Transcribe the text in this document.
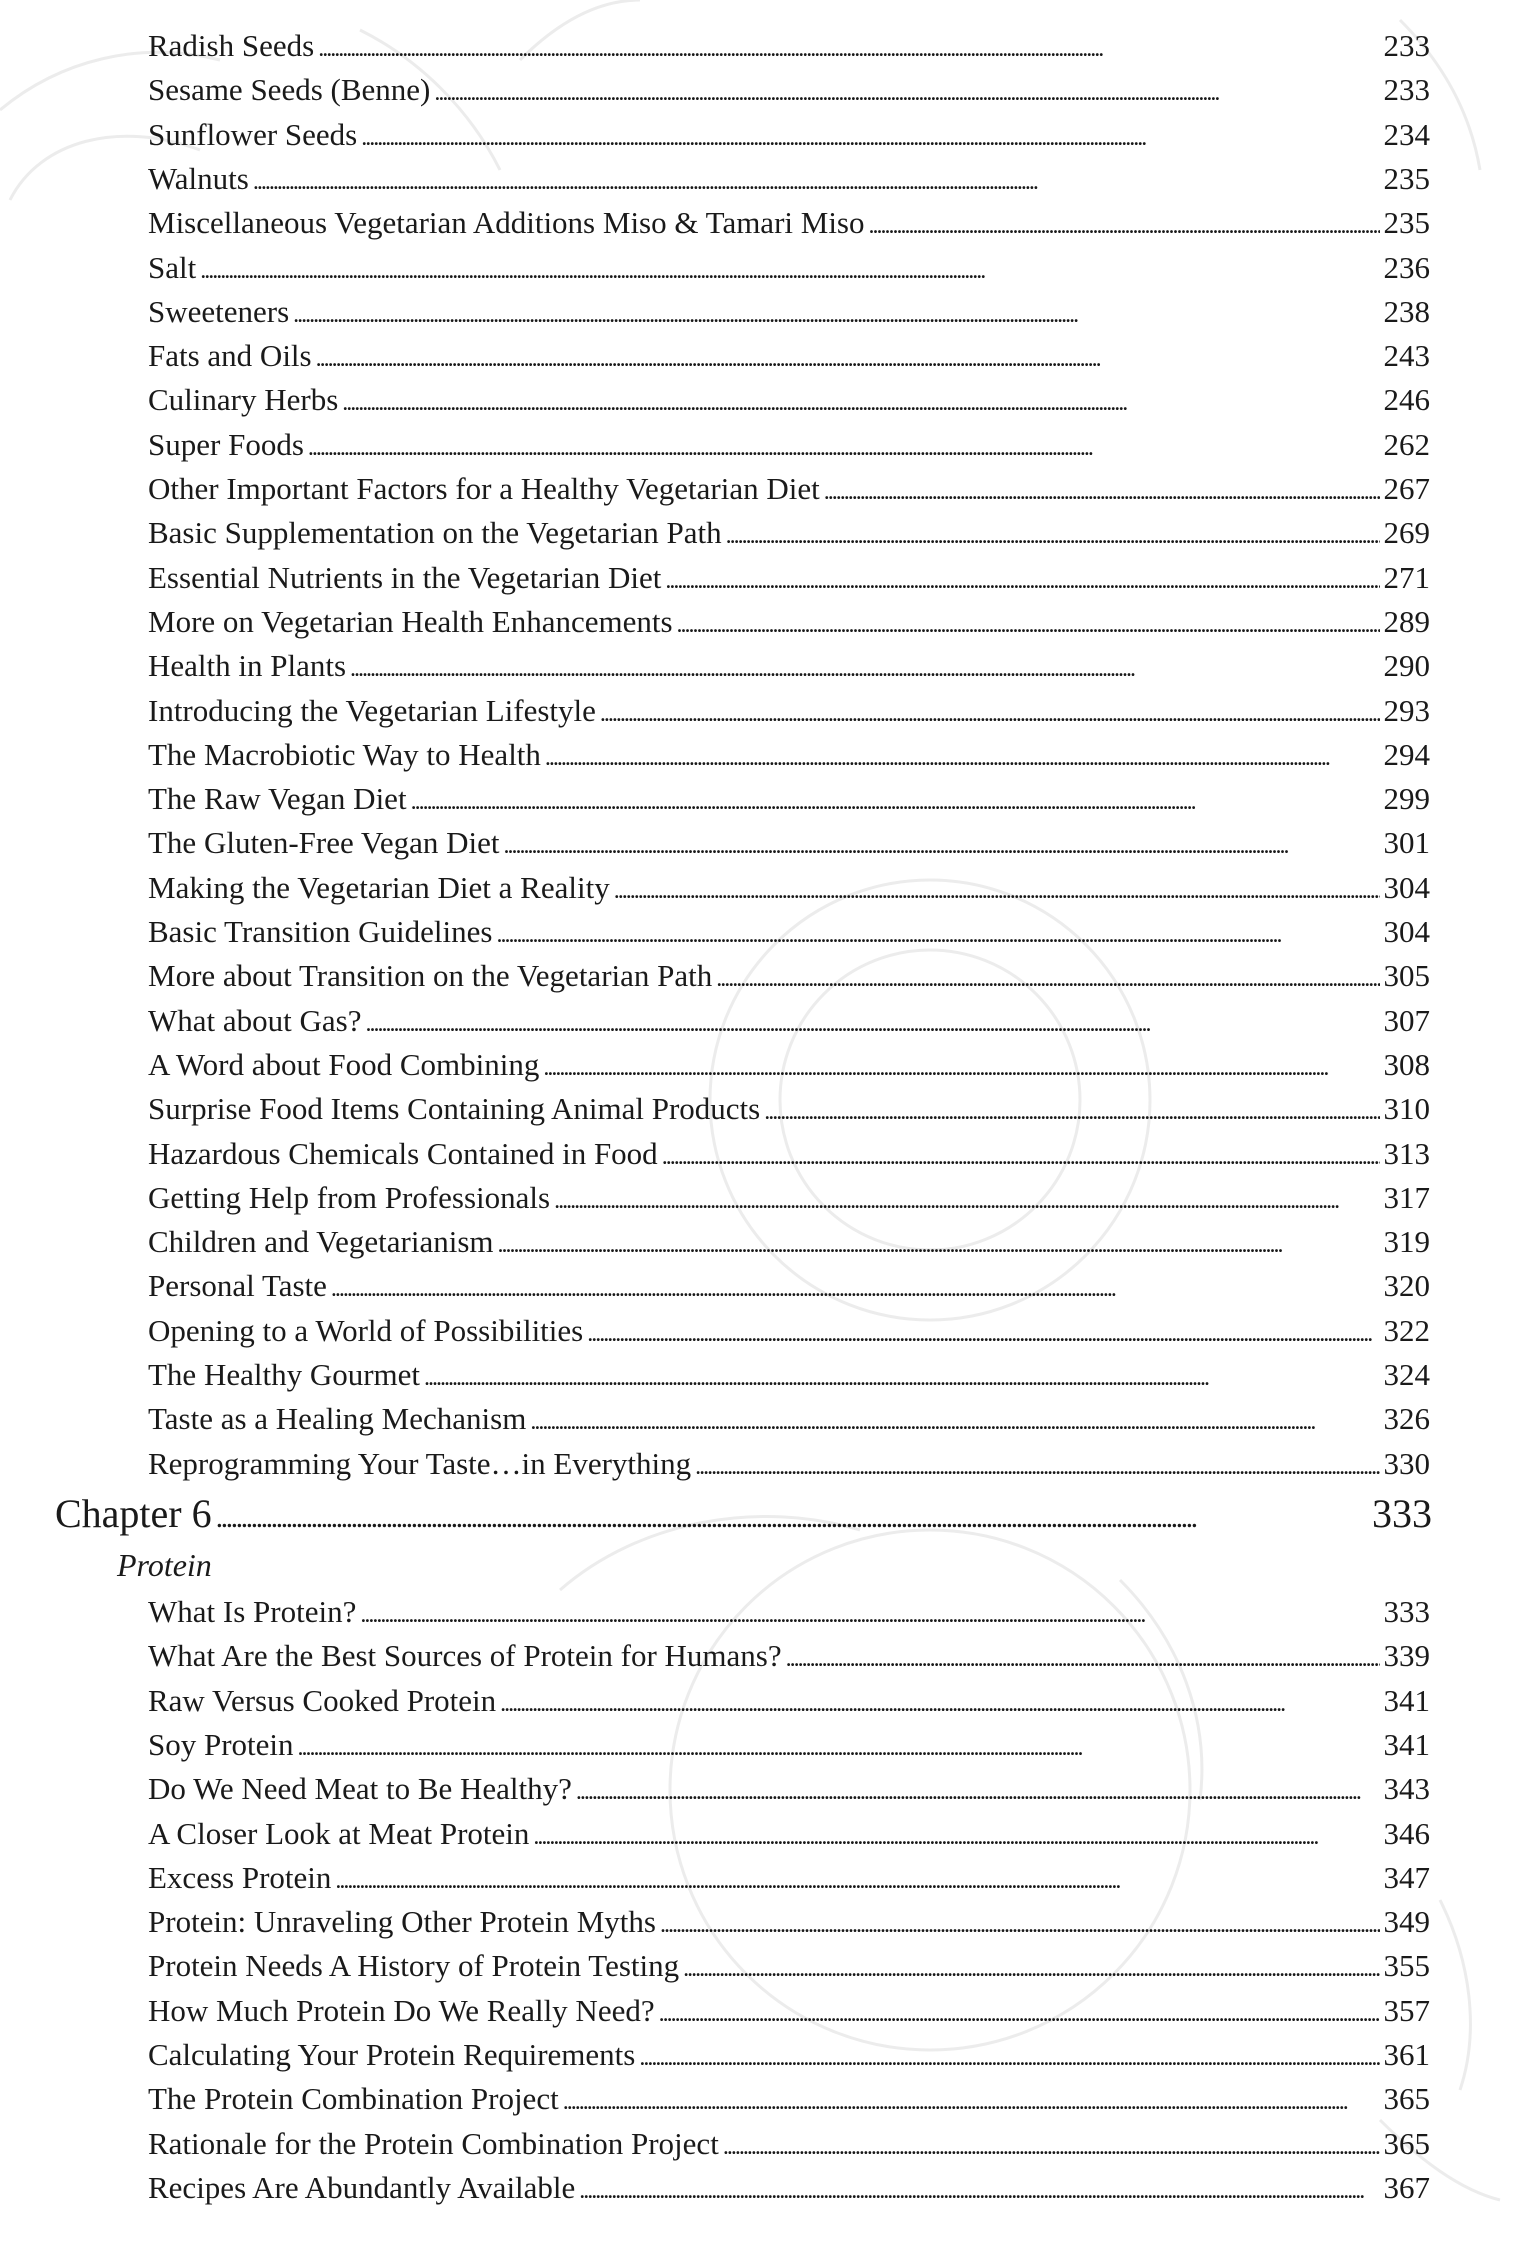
Radish Seeds . . .	233
Sesame Seeds (Benne) . . .	233
Sunflower Seeds . . .	234
Walnuts . . .	235
Miscellaneous Vegetarian Additions Miso & Tamari Miso . . .	235
Salt . . .	236
Sweeteners . . .	238
Fats and Oils . . .	243
Culinary Herbs . . .	246
Super Foods . . .	262
Other Important Factors for a Healthy Vegetarian Diet . . .	267
Basic Supplementation on the Vegetarian Path . . .	269
Essential Nutrients in the Vegetarian Diet . . .	271
More on Vegetarian Health Enhancements . . .	289
Health in Plants . . .	290
Introducing the Vegetarian Lifestyle . . .	293
The Macrobiotic Way to Health . . .	294
The Raw Vegan Diet . . .	299
The Gluten-Free Vegan Diet . . .	301
Making the Vegetarian Diet a Reality . . .	304
Basic Transition Guidelines . . .	304
More about Transition on the Vegetarian Path . . .	305
What about Gas? . . .	307
A Word about Food Combining . . .	308
Surprise Food Items Containing Animal Products . . .	310
Hazardous Chemicals Contained in Food . . .	313
Getting Help from Professionals . . .	317
Children and Vegetarianism . . .	319
Personal Taste . . .	320
Opening to a World of Possibilities . . .	322
The Healthy Gourmet . . .	324
Taste as a Healing Mechanism . . .	326
Reprogramming Your Taste…in Everything . . .	330
Chapter 6 . . .	333
Protein
What Is Protein? . . .	333
What Are the Best Sources of Protein for Humans? . . .	339
Raw Versus Cooked Protein . . .	341
Soy Protein . . .	341
Do We Need Meat to Be Healthy? . . .	343
A Closer Look at Meat Protein . . .	346
Excess Protein . . .	347
Protein: Unraveling Other Protein Myths . . .	349
Protein Needs A History of Protein Testing . . .	355
How Much Protein Do We Really Need? . . .	357
Calculating Your Protein Requirements . . .	361
The Protein Combination Project . . .	365
Rationale for the Protein Combination Project . . .	365
Recipes Are Abundantly Available . . .	367
